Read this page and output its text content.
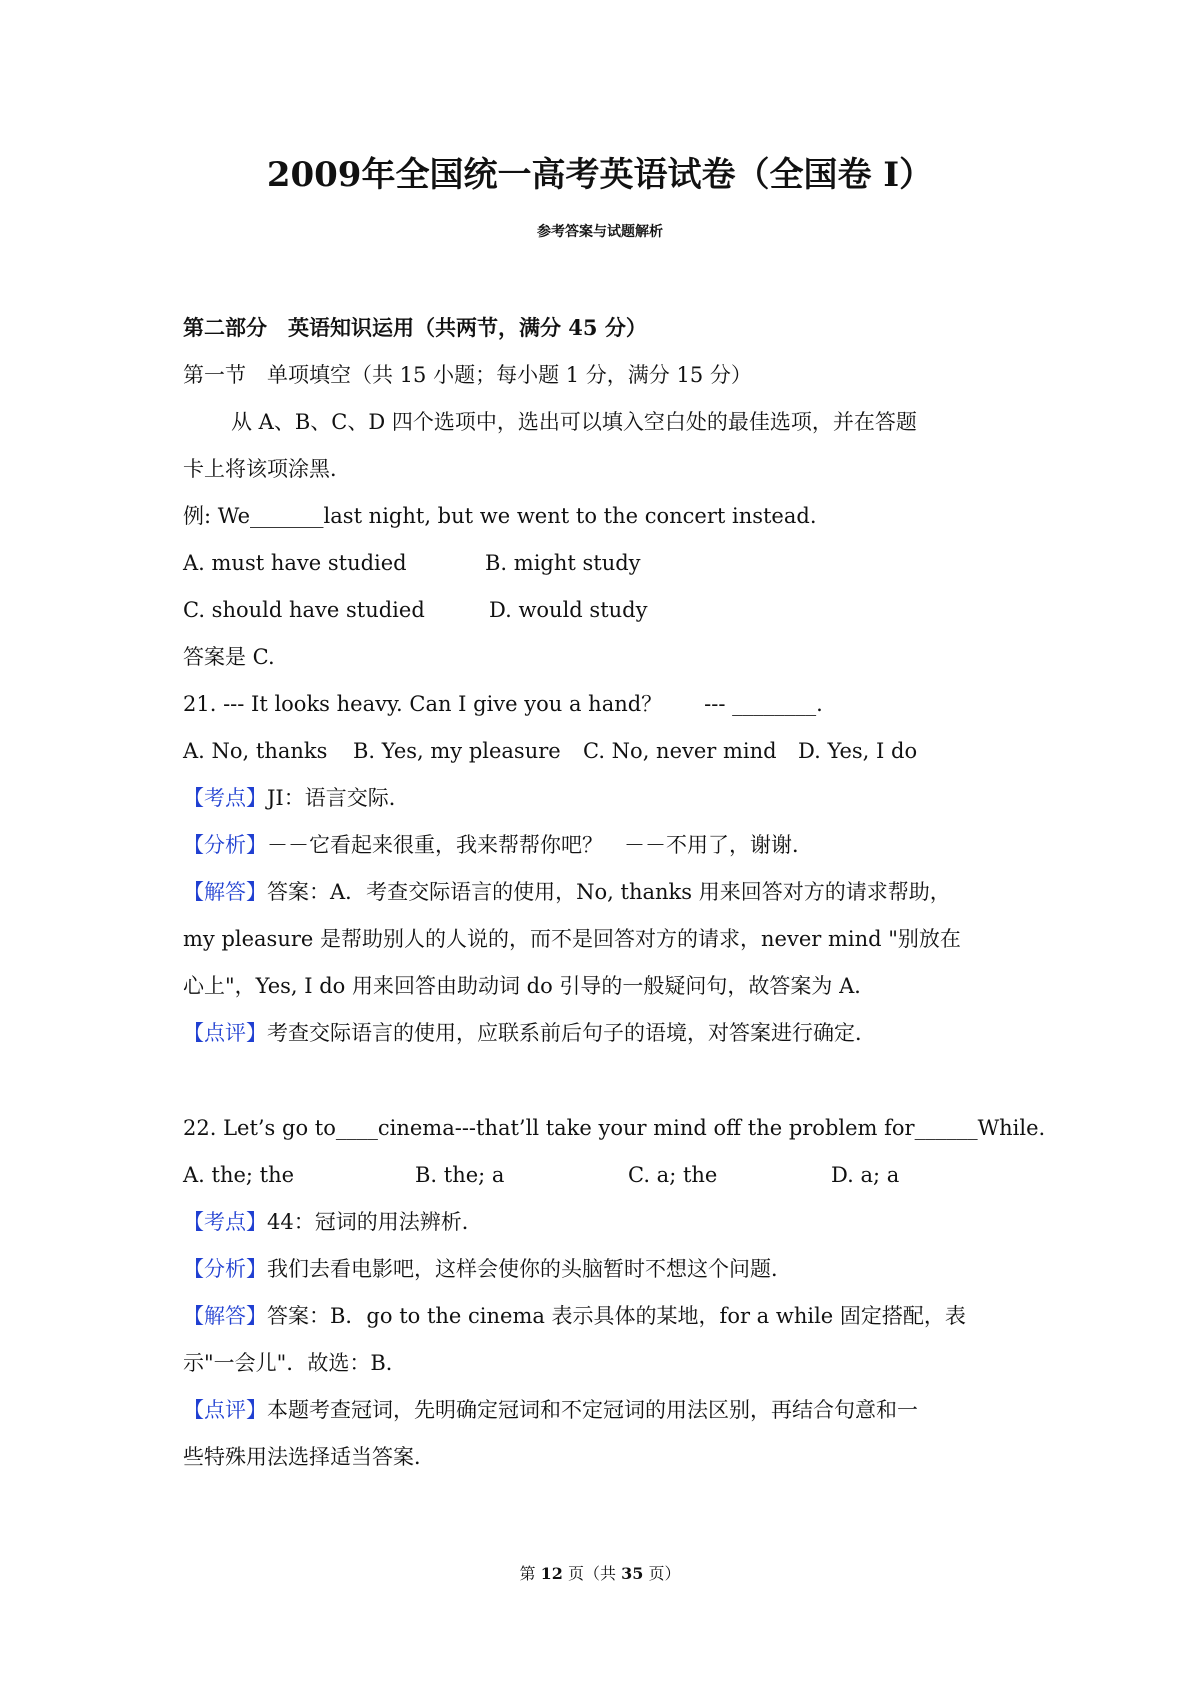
2009年全国统一高考英语试卷（全国卷 I）
参考答案与试题解析
第二部分　英语知识运用（共两节，满分 45 分）
第一节　单项填空（共 15 小题；每小题 1 分，满分 15 分）
从 A、B、C、D 四个选项中，选出可以填入空白处的最佳选项，并在答题
卡上将该项涂黑．
例: We_______last night, but we went to the concert instead.
A. must have studied	B. might study
C. should have studied	D. would study
答案是 C.
21. --- It looks heavy. Can I give you a hand？　　--- ________.
A. No, thanks B. Yes, my pleasure C. No, never mind D. Yes, I do
【考点】JI：语言交际．
【分析】－－它看起来很重，我来帮帮你吧？　－－不用了，谢谢．
【解答】答案：A．考查交际语言的使用，No, thanks 用来回答对方的请求帮助，
my pleasure 是帮助别人的人说的，而不是回答对方的请求，never mind "别放在
心上"，Yes, I do 用来回答由助动词 do 引导的一般疑问句，故答案为 A．
【点评】考查交际语言的使用，应联系前后句子的语境，对答案进行确定．
22. Let’s go to____cinema---that’ll take your mind off the problem for______While.
A. the; the	B. the; a	C. a; the	D. a; a
【考点】44：冠词的用法辨析．
【分析】我们去看电影吧，这样会使你的头脑暂时不想这个问题．
【解答】答案：B．go to the cinema 表示具体的某地，for a while 固定搭配，表
示"一会儿"．故选：B．
【点评】本题考查冠词，先明确定冠词和不定冠词的用法区别，再结合句意和一
些特殊用法选择适当答案．
第 12 页（共 35 页）
